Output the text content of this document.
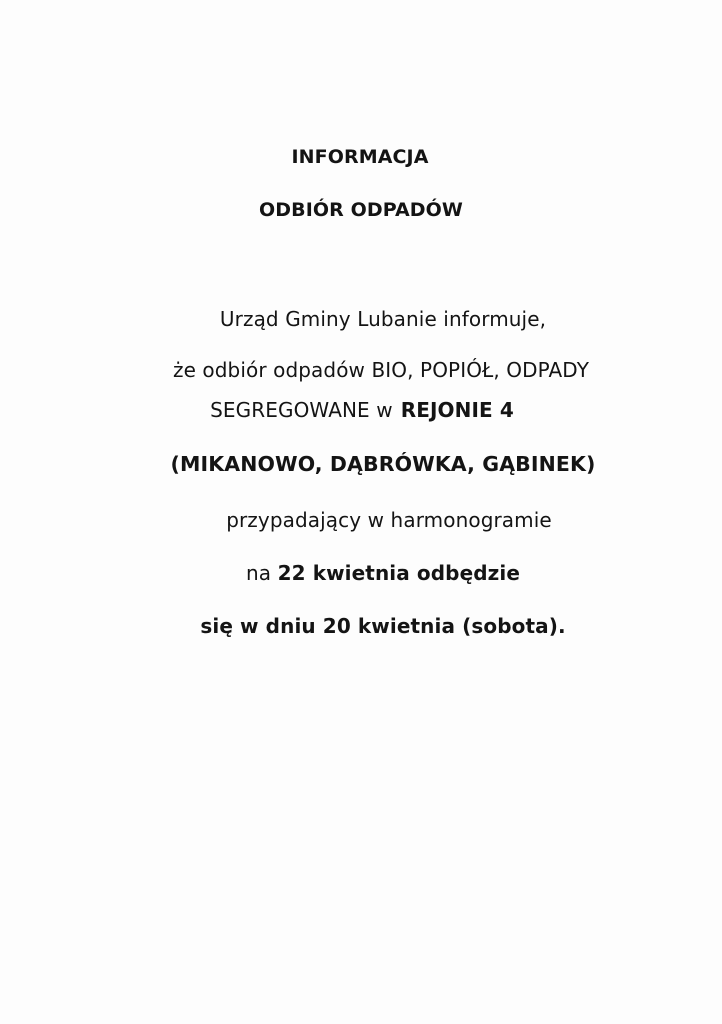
INFORMACJA
ODBIÓR ODPADÓW
Urząd Gminy Lubanie informuje,
że odbiór odpadów BIO, POPIÓŁ, ODPADY
SEGREGOWANE w REJONIE 4
(MIKANOWO, DĄBRÓWKA, GĄBINEK)
przypadający w harmonogramie
na 22 kwietnia odbędzie
się w dniu 20 kwietnia (sobota).
